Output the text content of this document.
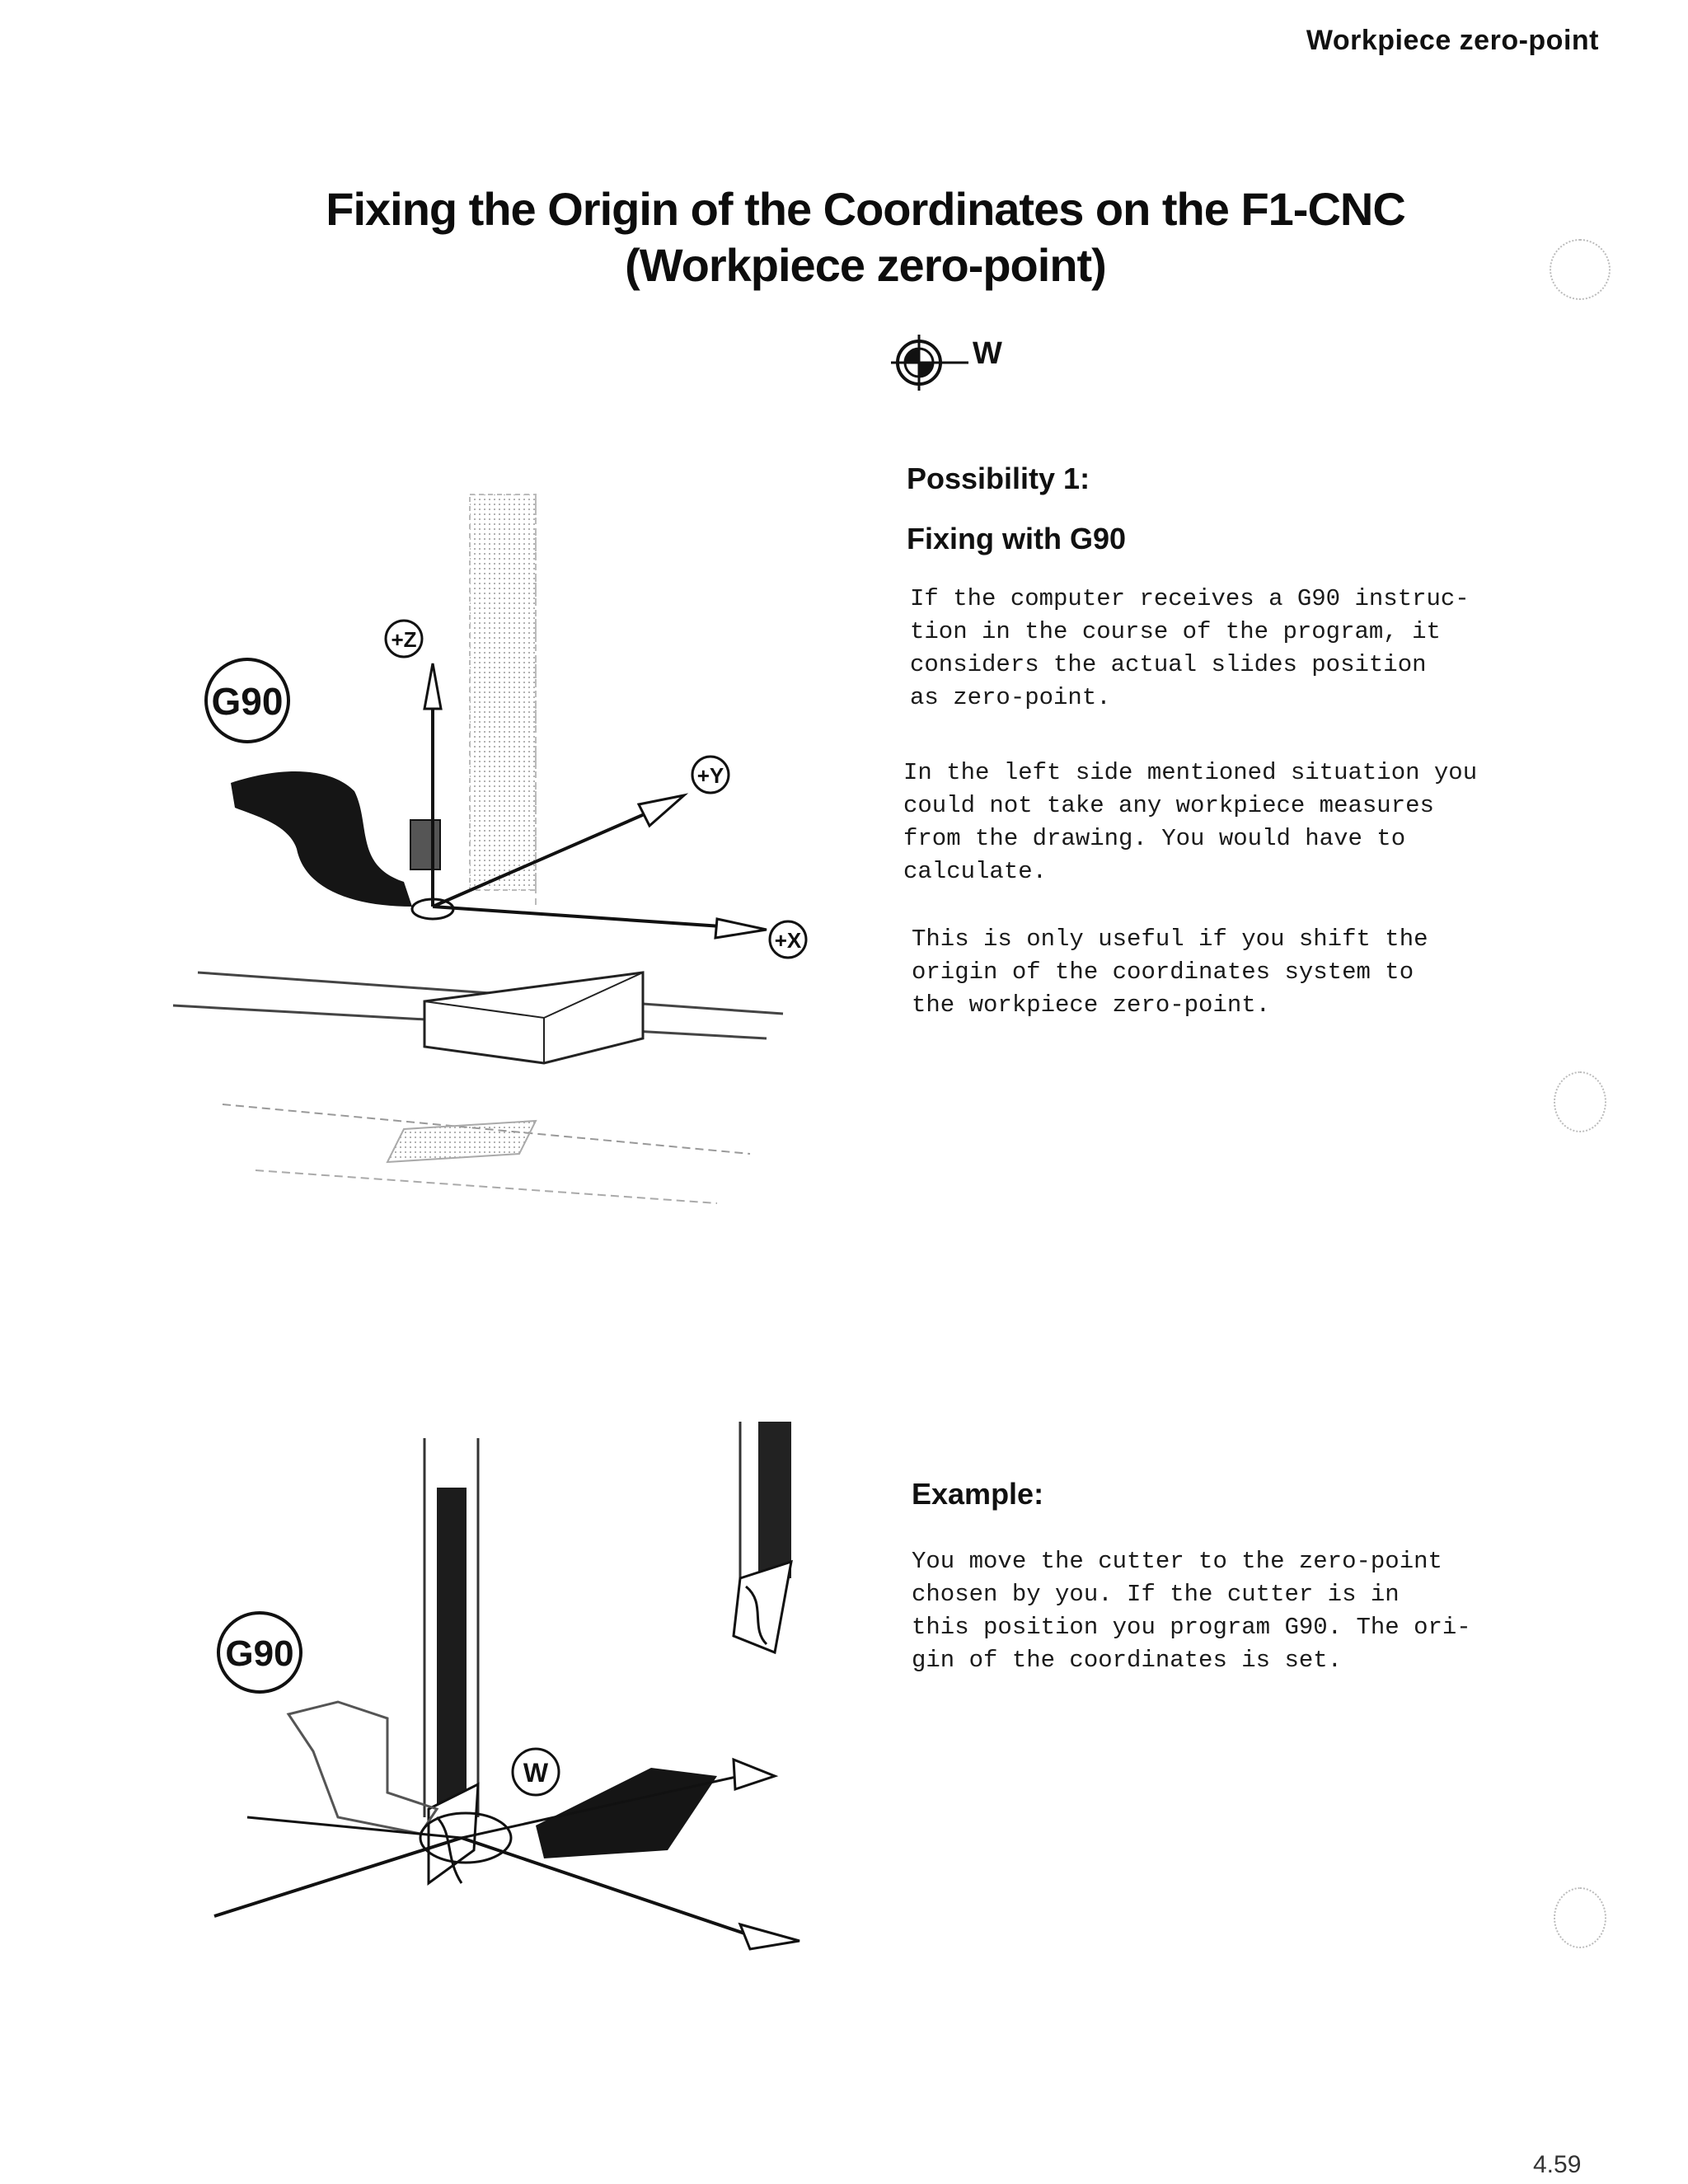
Workpiece zero-point
Fixing the Origin of the Coordinates on the F1-CNC
(Workpiece zero-point)
W
Possibility 1:
Fixing with G90

If the computer receives a G90 instruc-
tion in the course of the program, it
considers the actual slides position
as zero-point.

In the left side mentioned situation you
could not take any workpiece measures
from the drawing. You would have to
calculate.

This is only useful if you shift the
origin of the coordinates system to
the workpiece zero-point.

G90
+Z
+Y
+X
Example:

You move the cutter to the zero-point
chosen by you. If the cutter is in
this position you program G90. The ori-
gin of the coordinates is set.

W
G90
4.59
